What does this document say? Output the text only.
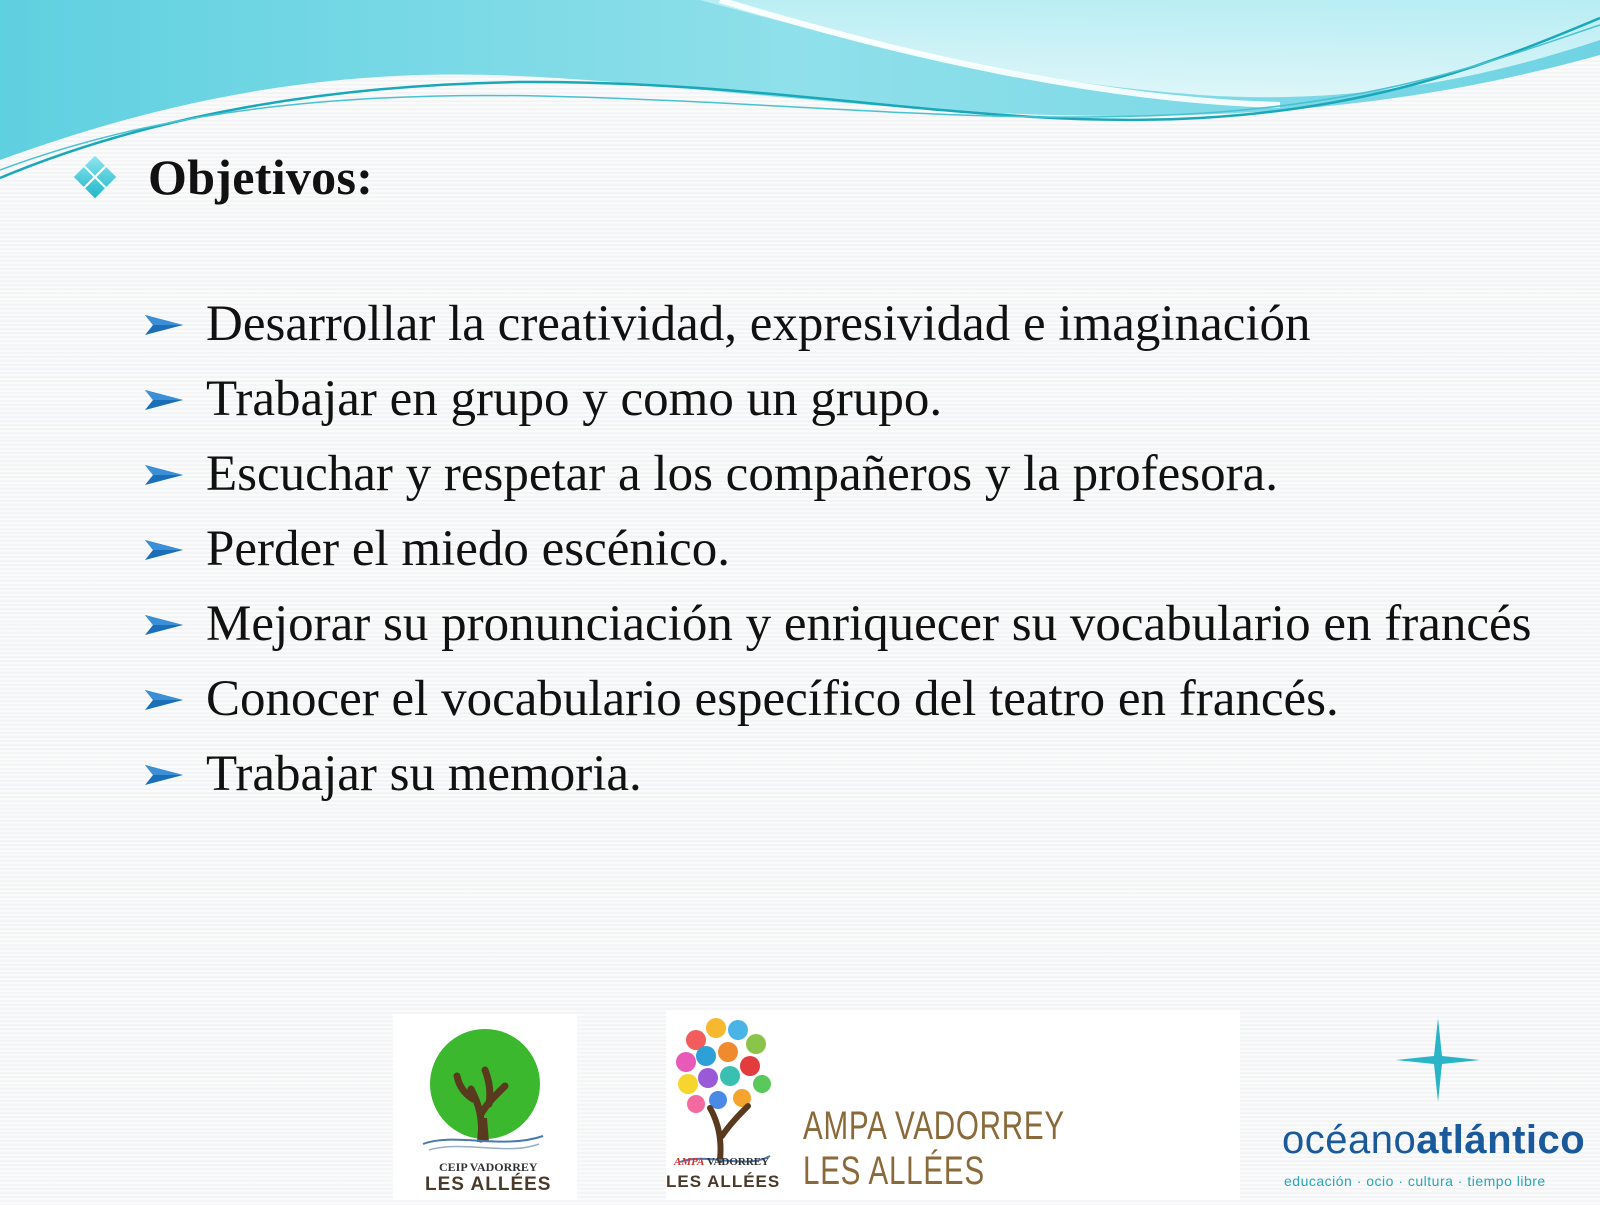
Objetivos:
Desarrollar la creatividad, expresividad e imaginación
Trabajar en grupo y como un grupo.
Escuchar y respetar a los compañeros y la profesora.
Perder el miedo escénico.
Mejorar su pronunciación y enriquecer su vocabulario en francés
Conocer el vocabulario específico del teatro en francés.
Trabajar su memoria.
CEIP VADORREY
LES ALLÉES
AMPA VADORREY
LES ALLÉES
AMPA VADORREY LES ALLÉES
océanoatlántico
educación · ocio · cultura · tiempo libre
